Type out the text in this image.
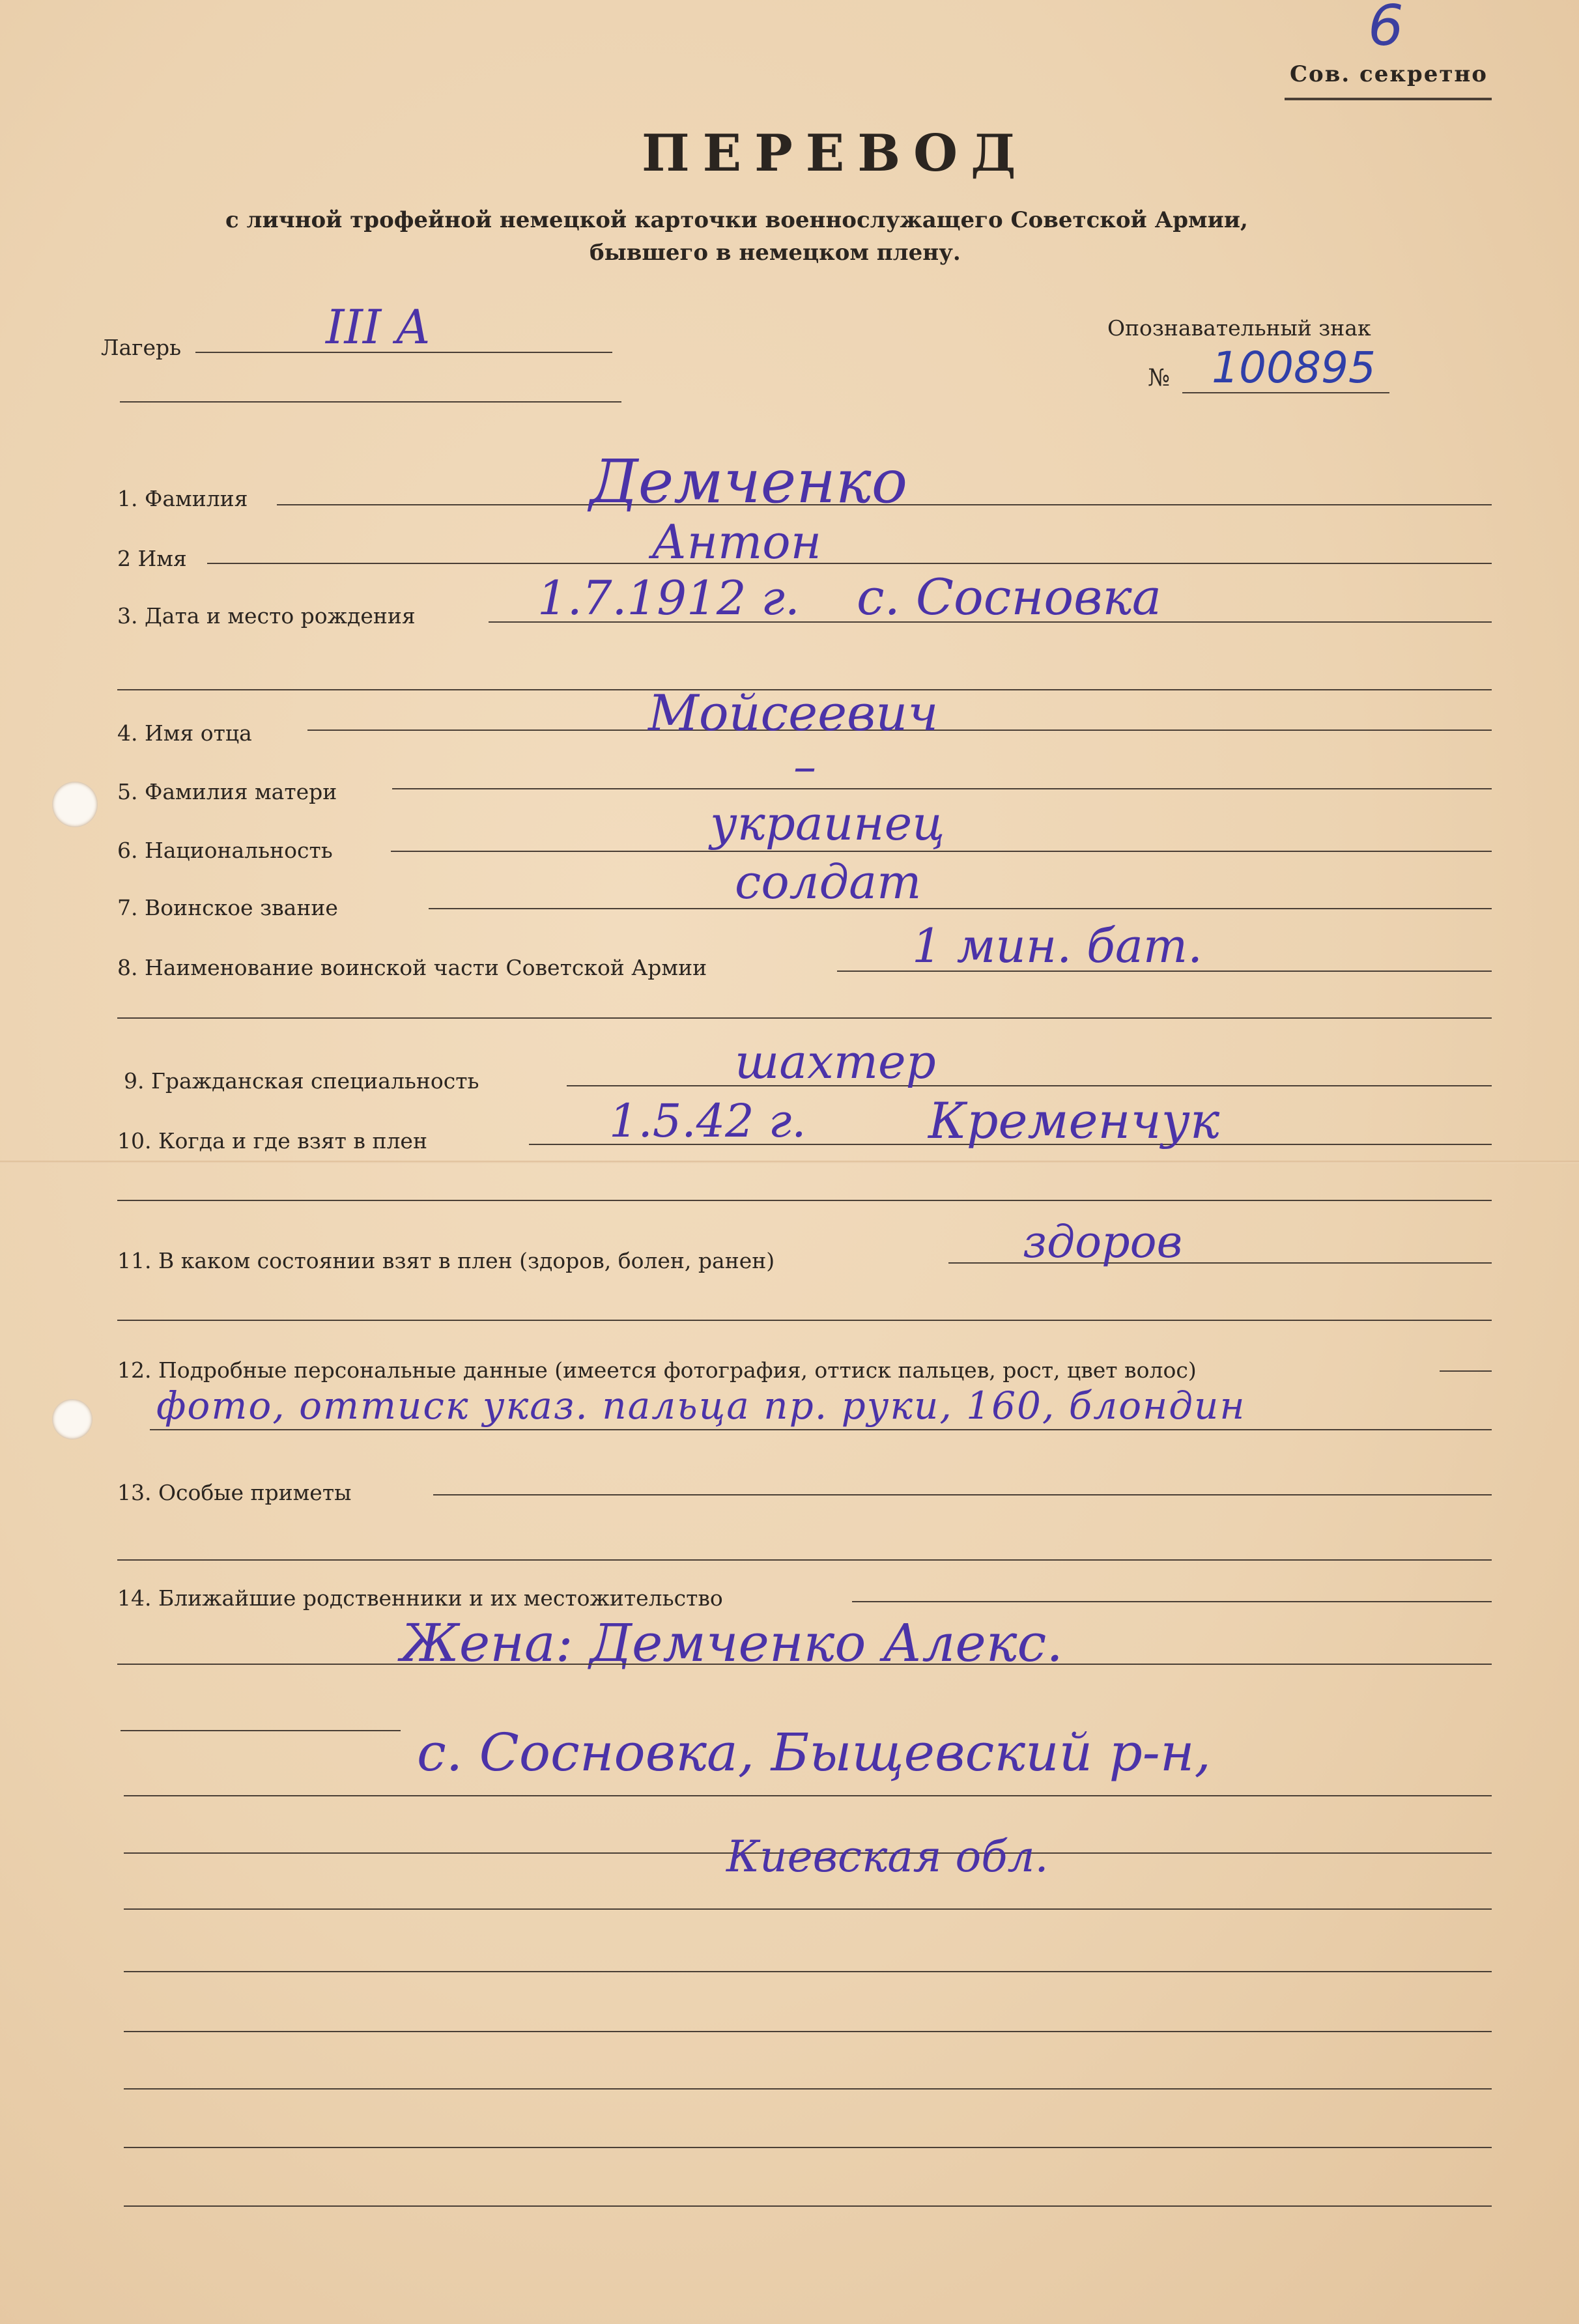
6
Сов. секретно
ПЕРЕВОД
с личной трофейной немецкой карточки военнослужащего Советской Армии,
бывшего в немецком плену.
Лагерь	III A	Опознавательный знак
№ 100895
1. Фамилия	Демченко
2 Имя	Антон
3. Дата и место рождения	1.7.1912 г. с. Сосновка
4. Имя отца	Мойсеевич
5. Фамилия матери	–
6. Национальность	украинец
7. Воинское звание	солдат
8. Наименование воинской части Советской Армии	1 мин. бат.
9. Гражданская специальность	шахтер
10. Когда и где взят в плен	1.5.42 г. Кременчук
11. В каком состоянии взят в плен (здоров, болен, ранен)	здоров
12. Подробные персональные данные (имеется фотография, оттиск пальцев, рост, цвет волос)
фото, оттиск указ. пальца пр. руки, 160, блондин
13. Особые приметы
14. Ближайшие родственники и их местожительство
Жена: Демченко Алекс.
с. Сосновка, Быщевский р-н,
Киевская обл.
